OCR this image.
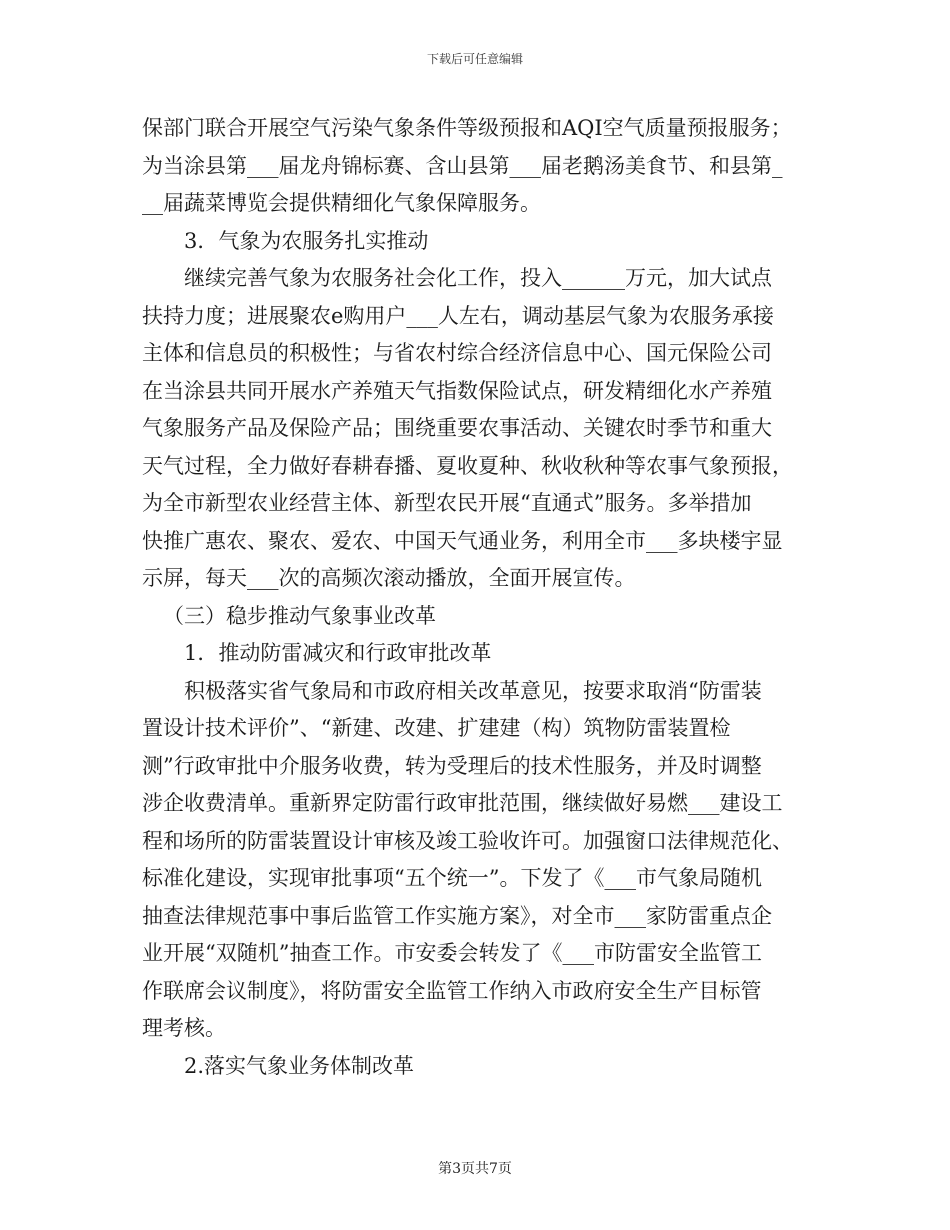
下载后可任意编辑
保部门联合开展空气污染气象条件等级预报和AQI空气质量预报服务；
为当涂县第___届龙舟锦标赛、含山县第___届老鹅汤美食节、和县第_
__届蔬菜博览会提供精细化气象保障服务。
3．气象为农服务扎实推动
继续完善气象为农服务社会化工作，投入______万元，加大试点
扶持力度；进展聚农e购用户___人左右，调动基层气象为农服务承接
主体和信息员的积极性；与省农村综合经济信息中心、国元保险公司
在当涂县共同开展水产养殖天气指数保险试点，研发精细化水产养殖
气象服务产品及保险产品；围绕重要农事活动、关键农时季节和重大
天气过程，全力做好春耕春播、夏收夏种、秋收秋种等农事气象预报，
为全市新型农业经营主体、新型农民开展“直通式”服务。多举措加
快推广惠农、聚农、爱农、中国天气通业务，利用全市___多块楼宇显
示屏，每天___次的高频次滚动播放，全面开展宣传。
（三）稳步推动气象事业改革
1．推动防雷减灾和行政审批改革
积极落实省气象局和市政府相关改革意见，按要求取消“防雷装
置设计技术评价”、“新建、改建、扩建建（构）筑物防雷装置检
测”行政审批中介服务收费，转为受理后的技术性服务，并及时调整
涉企收费清单。重新界定防雷行政审批范围，继续做好易燃___建设工
程和场所的防雷装置设计审核及竣工验收许可。加强窗口法律规范化、
标准化建设，实现审批事项“五个统一”。下发了《___市气象局随机
抽查法律规范事中事后监管工作实施方案》，对全市___家防雷重点企
业开展“双随机”抽查工作。市安委会转发了《___市防雷安全监管工
作联席会议制度》，将防雷安全监管工作纳入市政府安全生产目标管
理考核。
2.落实气象业务体制改革
第3页共7页
